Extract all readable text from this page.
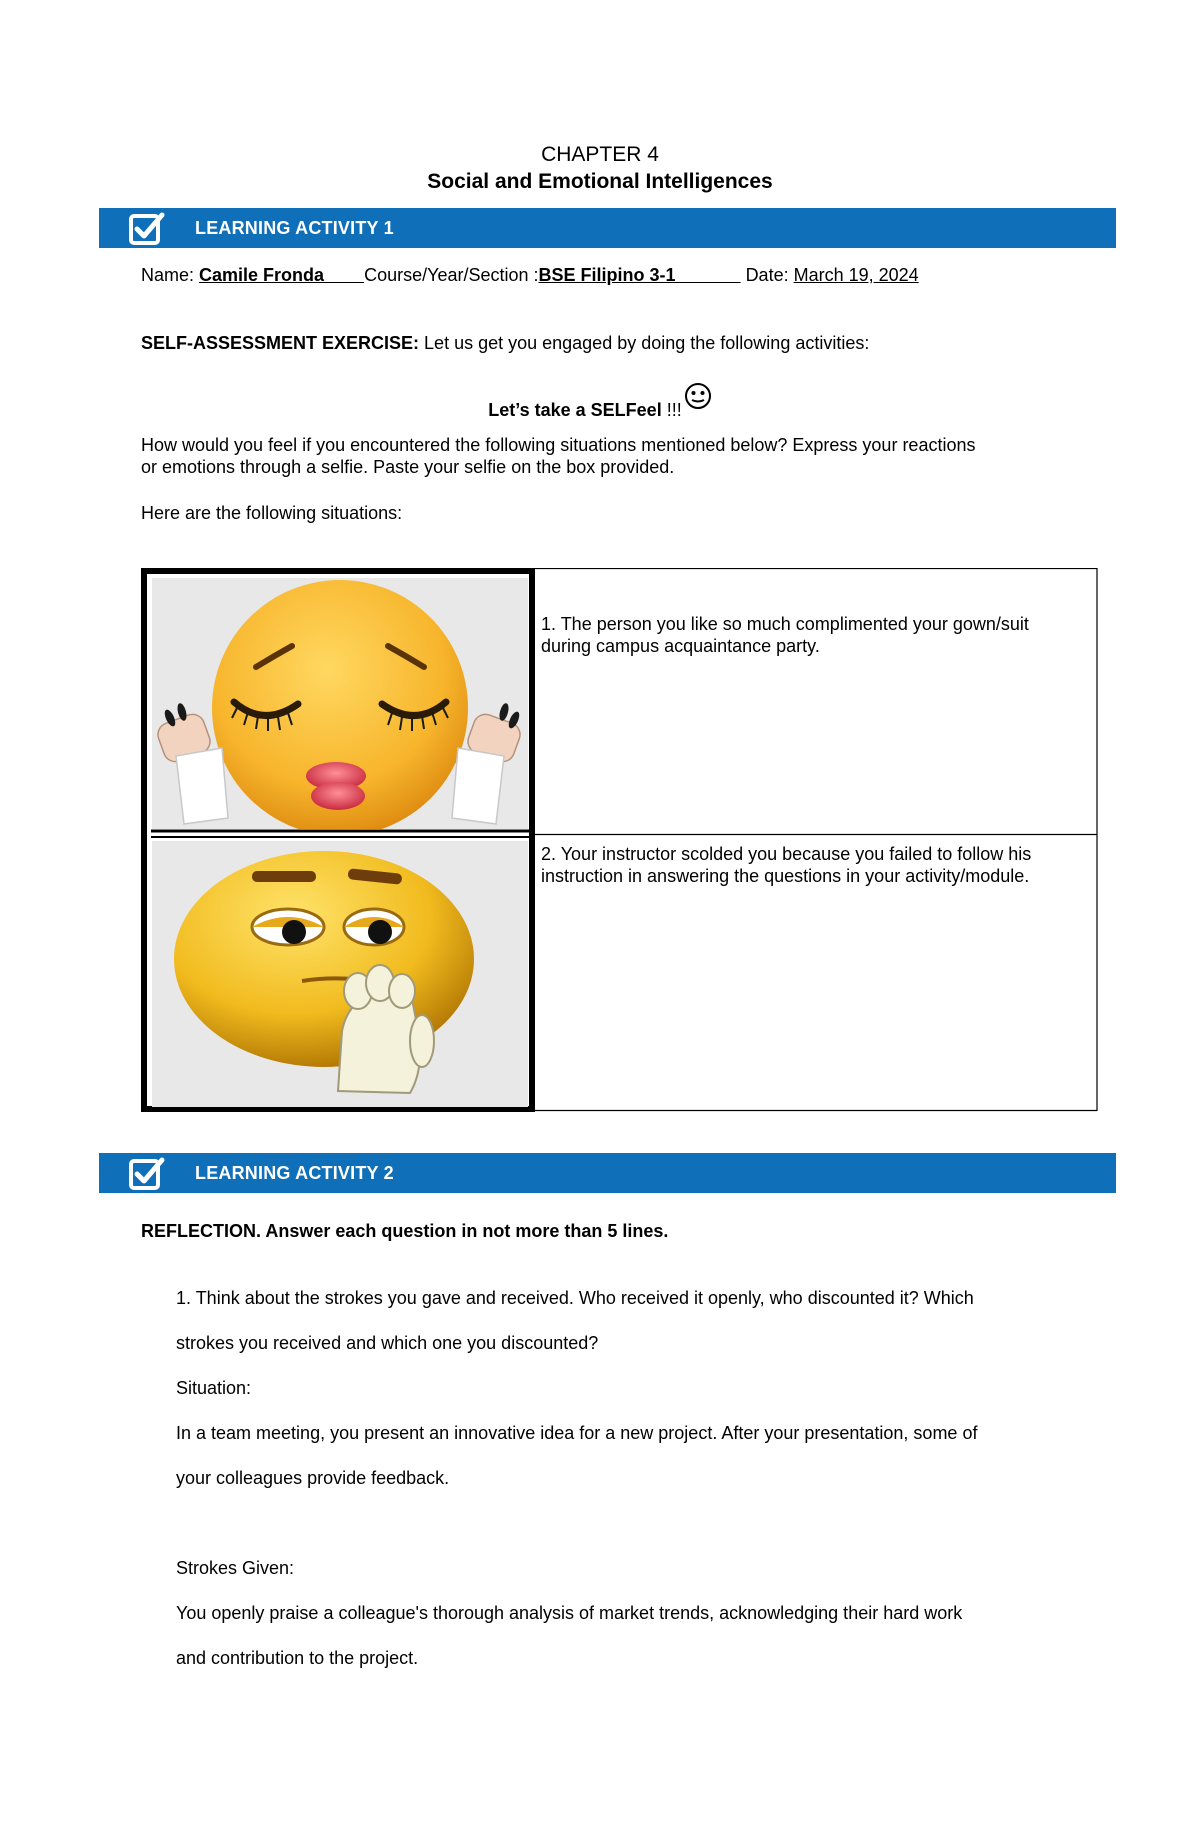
CHAPTER 4
Social and Emotional Intelligences
LEARNING ACTIVITY 1
Name: Camile Fronda Course/Year/Section :BSE Filipino 3-1	Date: March 19, 2024
SELF-ASSESSMENT EXERCISE: Let us get you engaged by doing the following activities:
Let’s take a SELFeel !!!
How would you feel if you encountered the following situations mentioned below? Express your reactions
or emotions through a selfie. Paste your selfie on the box provided.
Here are the following situations:
1. The person you like so much complimented your gown/suit
during campus acquaintance party.
2. Your instructor scolded you because you failed to follow his
instruction in answering the questions in your activity/module.
LEARNING ACTIVITY 2
REFLECTION. Answer each question in not more than 5 lines.
1. Think about the strokes you gave and received. Who received it openly, who discounted it? Which
strokes you received and which one you discounted?
Situation:
In a team meeting, you present an innovative idea for a new project. After your presentation, some of
your colleagues provide feedback.
Strokes Given:
You openly praise a colleague's thorough analysis of market trends, acknowledging their hard work
and contribution to the project.
